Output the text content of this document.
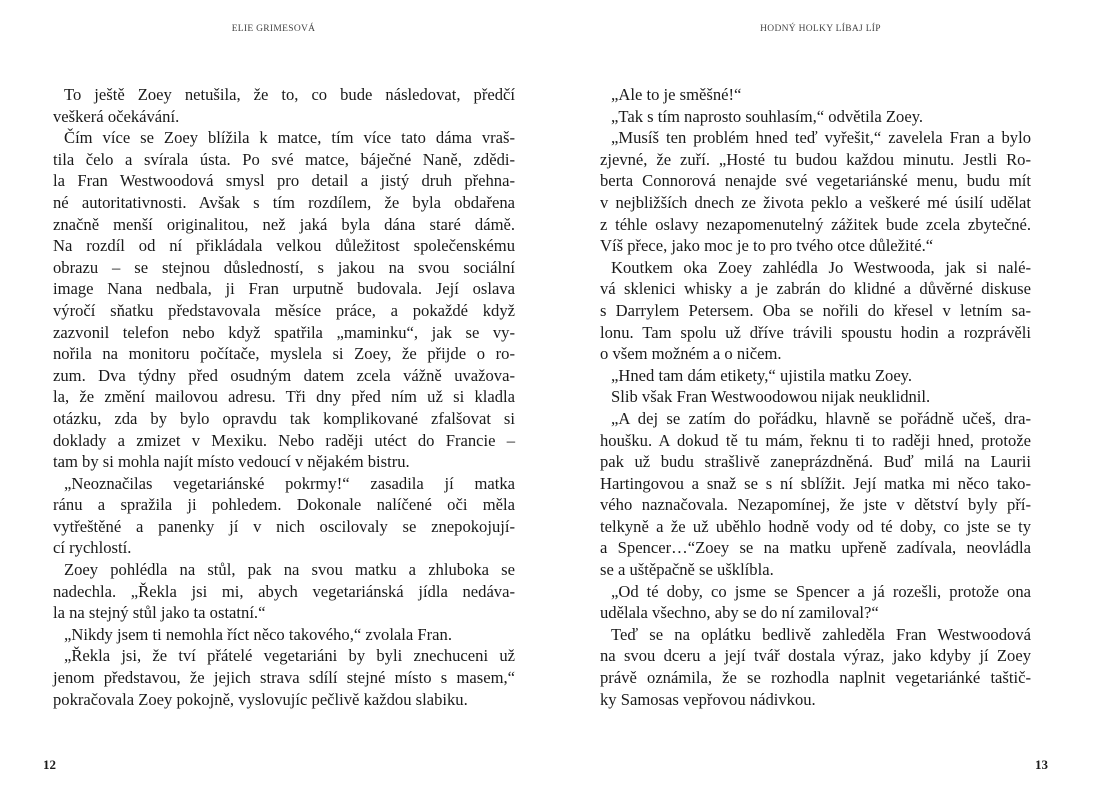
ELIE GRIMESOVÁ
To ještě Zoey netušila, že to, co bude následovat, předčí
veškerá očekávání.
Čím více se Zoey blížila k matce, tím více tato dáma vraš-
tila čelo a svírala ústa. Po své matce, báječné Naně, zdědi-
la Fran Westwoodová smysl pro detail a jistý druh přehna-
né autoritativnosti. Avšak s tím rozdílem, že byla obdařena
značně menší originalitou, než jaká byla dána staré dámě.
Na rozdíl od ní přikládala velkou důležitost společenskému
obrazu – se stejnou důsledností, s jakou na svou sociální
image Nana nedbala, ji Fran urputně budovala. Její oslava
výročí sňatku představovala měsíce práce, a pokaždé když
zazvonil telefon nebo když spatřila „maminku“, jak se vy-
nořila na monitoru počítače, myslela si Zoey, že přijde o ro-
zum. Dva týdny před osudným datem zcela vážně uvažova-
la, že změní mailovou adresu. Tři dny před ním už si kladla
otázku, zda by bylo opravdu tak komplikované zfalšovat si
doklady a zmizet v Mexiku. Nebo raději utéct do Francie –
tam by si mohla najít místo vedoucí v nějakém bistru.
„Neoznačilas vegetariánské pokrmy!“ zasadila jí matka
ránu a spražila ji pohledem. Dokonale nalíčené oči měla
vytřeštěné a panenky jí v nich oscilovaly se znepokojují-
cí rychlostí.
Zoey pohlédla na stůl, pak na svou matku a zhluboka se
nadechla. „Řekla jsi mi, abych vegetariánská jídla nedáva-
la na stejný stůl jako ta ostatní.“
„Nikdy jsem ti nemohla říct něco takového,“ zvolala Fran.
„Řekla jsi, že tví přátelé vegetariáni by byli znechuceni už
jenom představou, že jejich strava sdílí stejné místo s masem,“
pokračovala Zoey pokojně, vyslovujíc pečlivě každou slabiku.
12
HODNÝ HOLKY LÍBAJ LÍP
„Ale to je směšné!“
„Tak s tím naprosto souhlasím,“ odvětila Zoey.
„Musíš ten problém hned teď vyřešit,“ zavelela Fran a bylo
zjevné, že zuří. „Hosté tu budou každou minutu. Jestli Ro-
berta Connorová nenajde své vegetariánské menu, budu mít
v nejbližších dnech ze života peklo a veškeré mé úsilí udělat
z téhle oslavy nezapomenutelný zážitek bude zcela zbytečné.
Víš přece, jako moc je to pro tvého otce důležité.“
Koutkem oka Zoey zahlédla Jo Westwooda, jak si nalé-
vá sklenici whisky a je zabrán do klidné a důvěrné diskuse
s Darrylem Petersem. Oba se nořili do křesel v letním sa-
lonu. Tam spolu už dříve trávili spoustu hodin a rozprávěli
o všem možném a o ničem.
„Hned tam dám etikety,“ ujistila matku Zoey.
Slib však Fran Westwoodowou nijak neuklidnil.
„A dej se zatím do pořádku, hlavně se pořádně učeš, dra-
houšku. A dokud tě tu mám, řeknu ti to raději hned, protože
pak už budu strašlivě zaneprázdněná. Buď milá na Laurii
Hartingovou a snaž se s ní sblížit. Její matka mi něco tako-
vého naznačovala. Nezapomínej, že jste v dětství byly pří-
telkyně a že už uběhlo hodně vody od té doby, co jste se ty
a Spencer…“Zoey se na matku upřeně zadívala, neovládla
se a uštěpačně se ušklíbla.
„Od té doby, co jsme se Spencer a já rozešli, protože ona
udělala všechno, aby se do ní zamiloval?“
Teď se na oplátku bedlivě zahleděla Fran Westwoodová
na svou dceru a její tvář dostala výraz, jako kdyby jí Zoey
právě oznámila, že se rozhodla naplnit vegetariánké taštič-
ky Samosas vepřovou nádivkou.
13
